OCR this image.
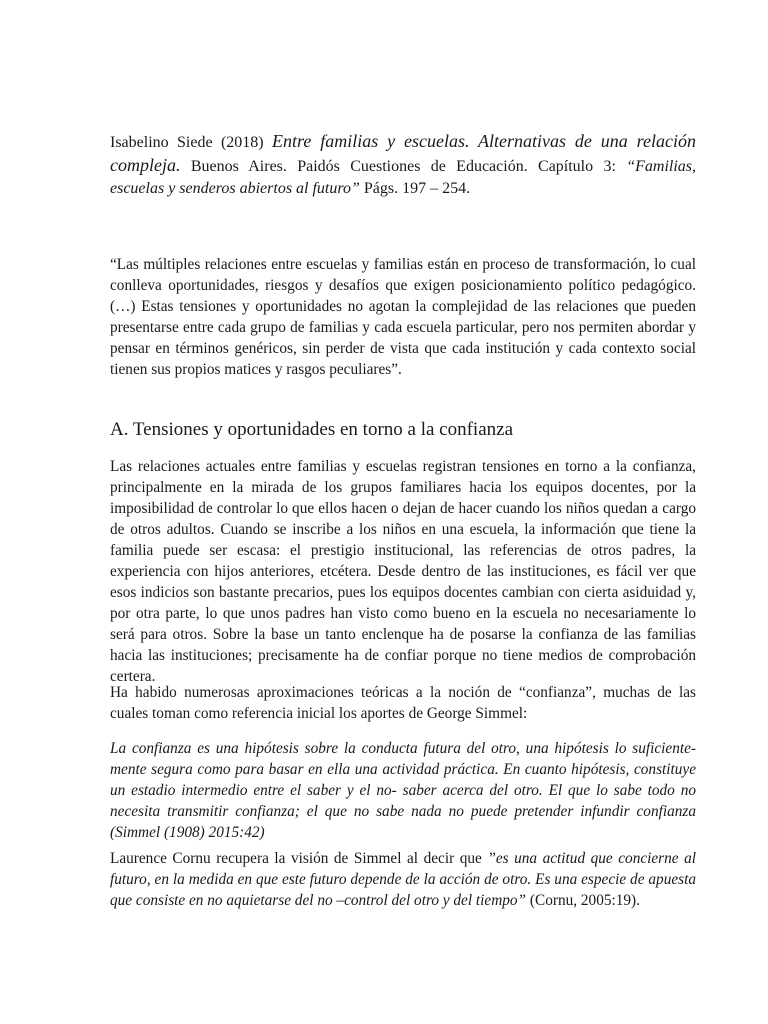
Isabelino Siede (2018) Entre familias y escuelas. Alternativas de una relación compleja. Buenos Aires. Paidós Cuestiones de Educación. Capítulo 3: “Familias, escuelas y senderos abiertos al futuro” Págs. 197 – 254.

“Las múltiples relaciones entre escuelas y familias están en proceso de transformación, lo cual conlleva oportunidades, riesgos y desafíos que exigen posicionamiento político pedagógico. (…) Estas tensiones y oportunidades no agotan la complejidad de las relaciones que pueden presentarse entre cada grupo de familias y cada escuela particular, pero nos permiten abordar y pensar en términos genéricos, sin perder de vista que cada institución y cada contexto social tienen sus propios matices y rasgos peculiares”.

A. Tensiones y oportunidades en torno a la confianza

Las relaciones actuales entre familias y escuelas registran tensiones en torno a la confianza, principalmente en la mirada de los grupos familiares hacia los equipos docentes, por la imposibilidad de controlar lo que ellos hacen o dejan de hacer cuando los niños quedan a cargo de otros adultos. Cuando se inscribe a los niños en una escuela, la información que tiene la familia puede ser escasa: el prestigio institucional, las referencias de otros padres, la experiencia con hijos anteriores, etcétera. Desde dentro de las instituciones, es fácil ver que esos indicios son bastante precarios, pues los equipos docentes cambian con cierta asiduidad y, por otra parte, lo que unos padres han visto como bueno en la escuela no necesariamente lo será para otros. Sobre la base un tanto enclenque ha de posarse la confianza de las familias hacia las instituciones; precisamente ha de confiar porque no tiene medios de comprobación certera.

Ha habido numerosas aproximaciones teóricas a la noción de “confianza”, muchas de las cuales toman como referencia inicial los aportes de George Simmel:

La confianza es una hipótesis sobre la conducta futura del otro, una hipótesis lo suficiente- mente segura como para basar en ella una actividad práctica. En cuanto hipótesis, constituye un estadio intermedio entre el saber y el no- saber acerca del otro. El que lo sabe todo no necesita transmitir confianza; el que no sabe nada no puede pretender infundir confianza (Simmel (1908) 2015:42)

Laurence Cornu recupera la visión de Simmel al decir que ”es una actitud que concierne al futuro, en la medida en que este futuro depende de la acción de otro. Es una especie de apuesta que consiste en no aquietarse del no –control del otro y del tiempo” (Cornu, 2005:19).
